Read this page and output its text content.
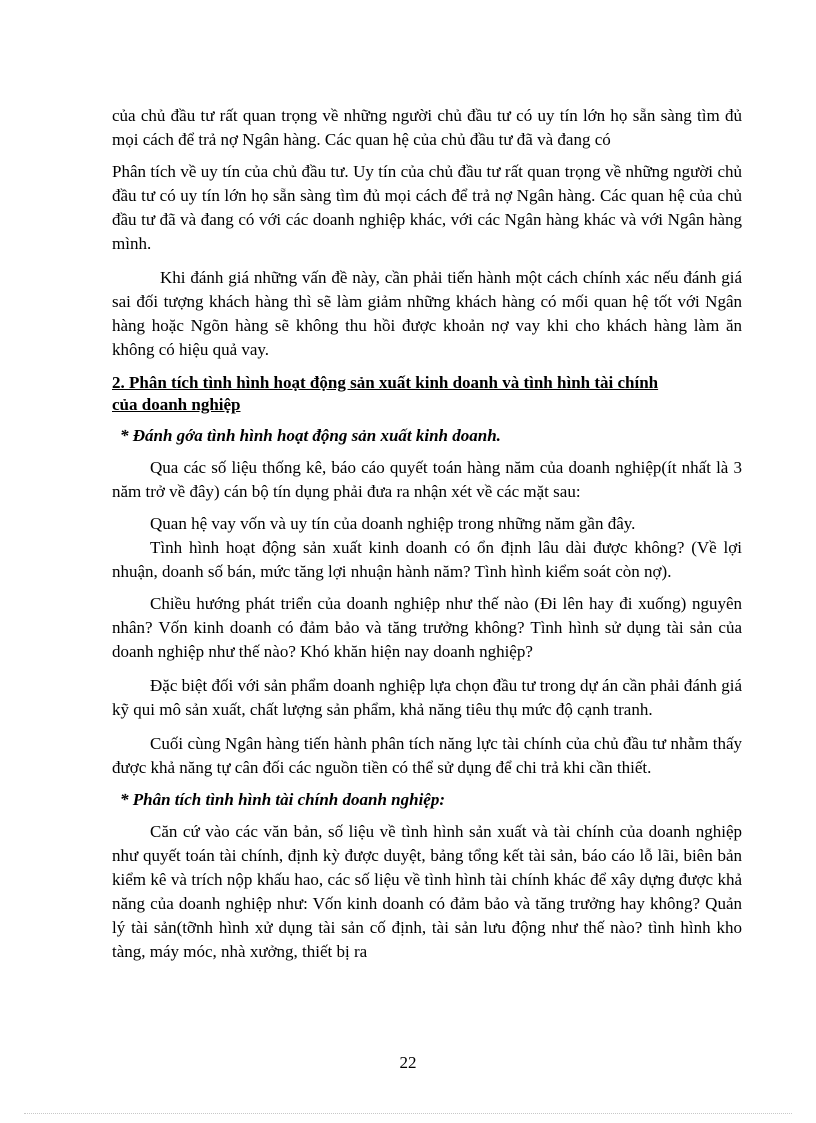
của chủ đầu tư rất quan trọng về những người chủ đầu tư có uy tín lớn họ sẵn sàng tìm đủ mọi cách để trả nợ Ngân hàng. Các quan hệ của chủ đầu tư đã và đang có

Phân tích về uy tín của chủ đầu tư. Uy tín của chủ đầu tư rất quan trọng về những người chủ đầu tư có uy tín lớn họ sẵn sàng tìm đủ mọi cách để trả nợ Ngân hàng. Các quan hệ của chủ đầu tư đã và đang có với các doanh nghiệp khác, với các Ngân hàng khác và với Ngân hàng mình.

Khi đánh giá những vấn đề này, cần phải tiến hành một cách chính xác nếu đánh giá sai đối tượng khách hàng thì sẽ làm giảm những khách hàng có mối quan hệ tốt với Ngân hàng hoặc Ngõn hàng sẽ không thu hồi được khoản nợ vay khi cho khách hàng làm ăn không có hiệu quả vay.

2. Phân tích tình hình hoạt động sản xuất kinh doanh và tình hình tài chính
của doanh nghiệp
* Đánh gớa tình hình hoạt động sản xuất kinh doanh.

Qua các số liệu thống kê, báo cáo quyết toán hàng năm của doanh nghiệp(ít nhất là 3 năm trở về đây) cán bộ tín dụng phải đưa ra nhận xét về các mặt sau:

Quan hệ vay vốn và uy tín của doanh nghiệp trong những năm gần đây.

Tình hình hoạt động sản xuất kinh doanh có ổn định lâu dài được không? (Về lợi nhuận, doanh số bán, mức tăng lợi nhuận hành năm? Tình hình kiểm soát còn nợ).

Chiều hướng phát triển của doanh nghiệp như thế nào (Đi lên hay đi xuống) nguyên nhân? Vốn kinh doanh có đảm bảo và tăng trưởng không? Tình hình sử dụng tài sản của doanh nghiệp như thế nào? Khó khăn hiện nay doanh nghiệp?

Đặc biệt đối với sản phẩm doanh nghiệp lựa chọn đầu tư trong dự án cần phải đánh giá kỹ qui mô sản xuất, chất lượng sản phẩm, khả năng tiêu thụ mức độ cạnh tranh.

Cuối cùng Ngân hàng tiến hành phân tích năng lực tài chính của chủ đầu tư nhằm thấy được khả năng tự cân đối các nguồn tiền có thể sử dụng để chi trả khi cần thiết.

* Phân tích tình hình tài chính doanh nghiệp:

Căn cứ vào các văn bản, số liệu về tình hình sản xuất và tài chính của doanh nghiệp như quyết toán tài chính, định kỳ được duyệt, bảng tổng kết tài sản, báo cáo lỗ lãi, biên bản kiểm kê và trích nộp khấu hao, các số liệu về tình hình tài chính khác để xây dựng được khả năng của doanh nghiệp như: Vốn kinh doanh có đảm bảo và tăng trưởng hay không? Quản lý tài sản(tỡnh hình xử dụng tài sản cố định, tài sản lưu động như thế nào? tình hình kho tàng, máy móc, nhà xưởng, thiết bị ra

22
